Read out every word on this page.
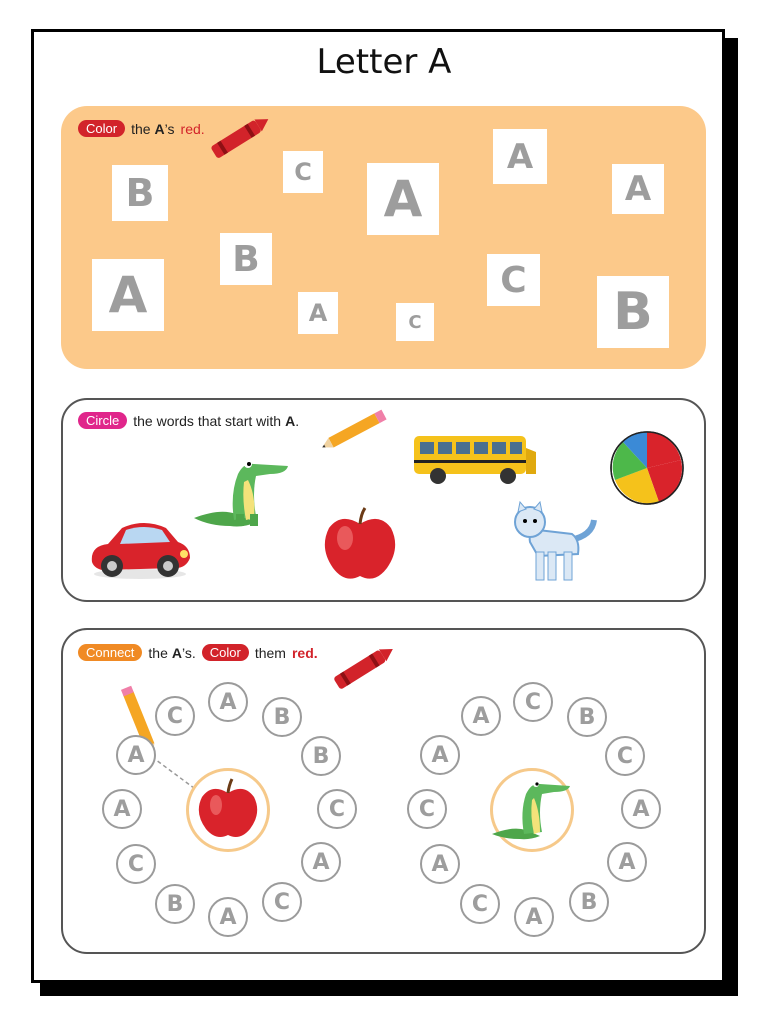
Letter A
Color	the A’s red.
B	C	A
A
A
B
A	A	C
C
B
Circle	the words that start with A.
Connect	the A’s.	Color	them red.
C
A
B
B
C
A
C
A
B
C
A
A
A
C
B
C
A
A
B
A
C
A
C
A
